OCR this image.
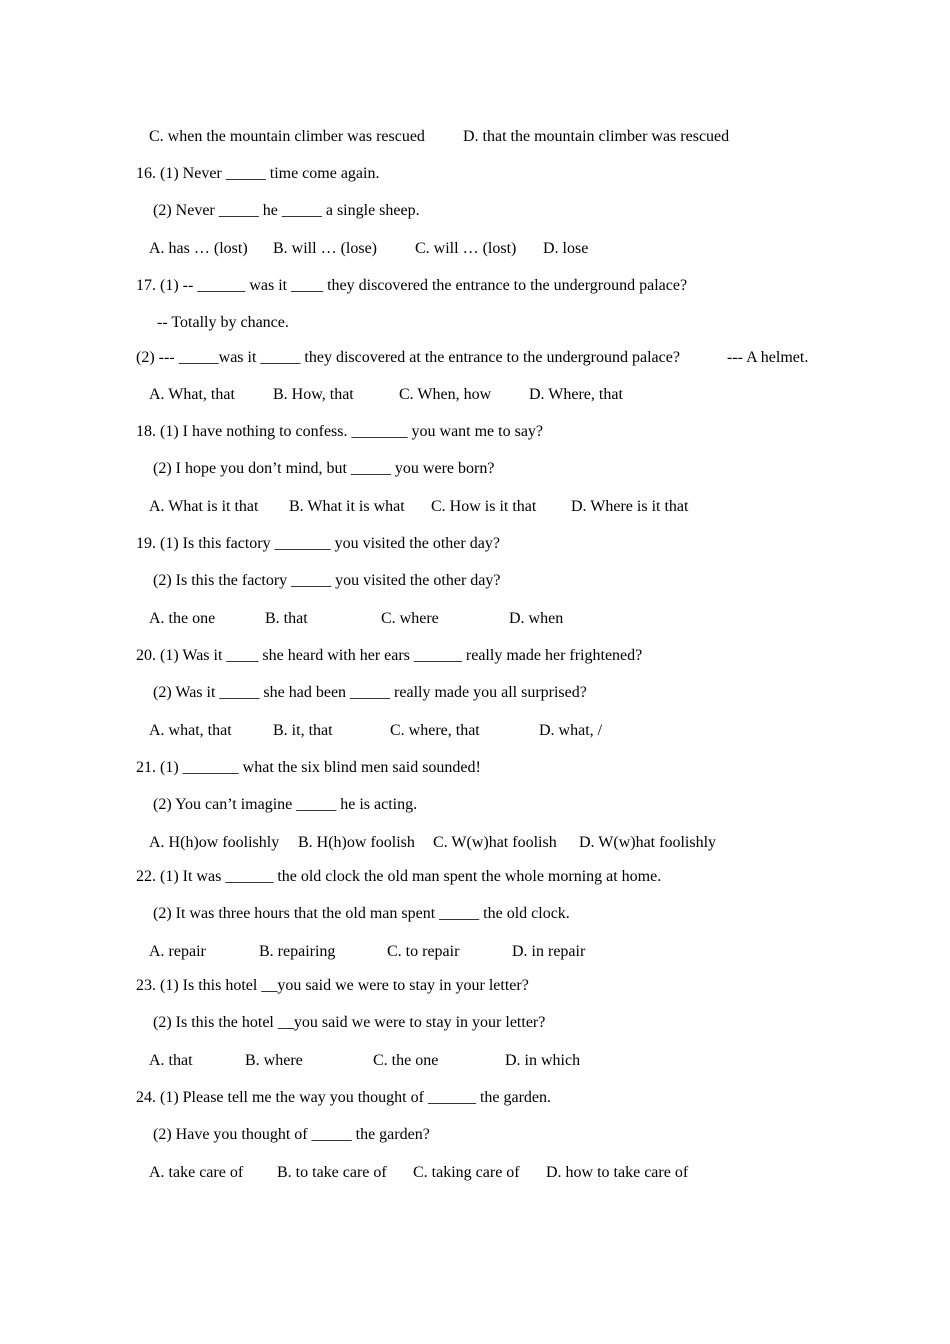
C. when the mountain climber was rescued D. that the mountain climber was rescued
16. (1) Never _____ time come again.
(2) Never _____ he _____ a single sheep.
A. has … (lost) B. will … (lose) C. will … (lost) D. lose
17. (1) -- ______ was it ____ they discovered the entrance to the underground palace?
-- Totally by chance.
(2) --- _____was it _____ they discovered at the entrance to the underground palace?	--- A helmet.
A. What, that B. How, that	C. When, how D. Where, that
18. (1) I have nothing to confess. _______ you want me to say?
(2) I hope you don’t mind, but _____ you were born?
A. What is it that B. What it is what C. How is it that D. Where is it that
19. (1) Is this factory _______ you visited the other day?
(2) Is this the factory _____ you visited the other day?
A. the one	B. that	C. where	D. when
20. (1) Was it ____ she heard with her ears ______ really made her frightened?
(2) Was it _____ she had been _____ really made you all surprised?
A. what, that	B. it, that	C. where, that	D. what, /
21. (1) _______ what the six blind men said sounded!
(2) You can’t imagine _____ he is acting.
A. H(h)ow foolishly B. H(h)ow foolish C. W(w)hat foolish D. W(w)hat foolishly
22. (1) It was ______ the old clock the old man spent the whole morning at home.
(2) It was three hours that the old man spent _____ the old clock.
A. repair	B. repairing	C. to repair	D. in repair
23. (1) Is this hotel __you said we were to stay in your letter?
(2) Is this the hotel __you said we were to stay in your letter?
A. that	B. where	C. the one	D. in which
24. (1) Please tell me the way you thought of ______ the garden.
(2) Have you thought of _____ the garden?
A. take care of B. to take care of C. taking care of D. how to take care of
